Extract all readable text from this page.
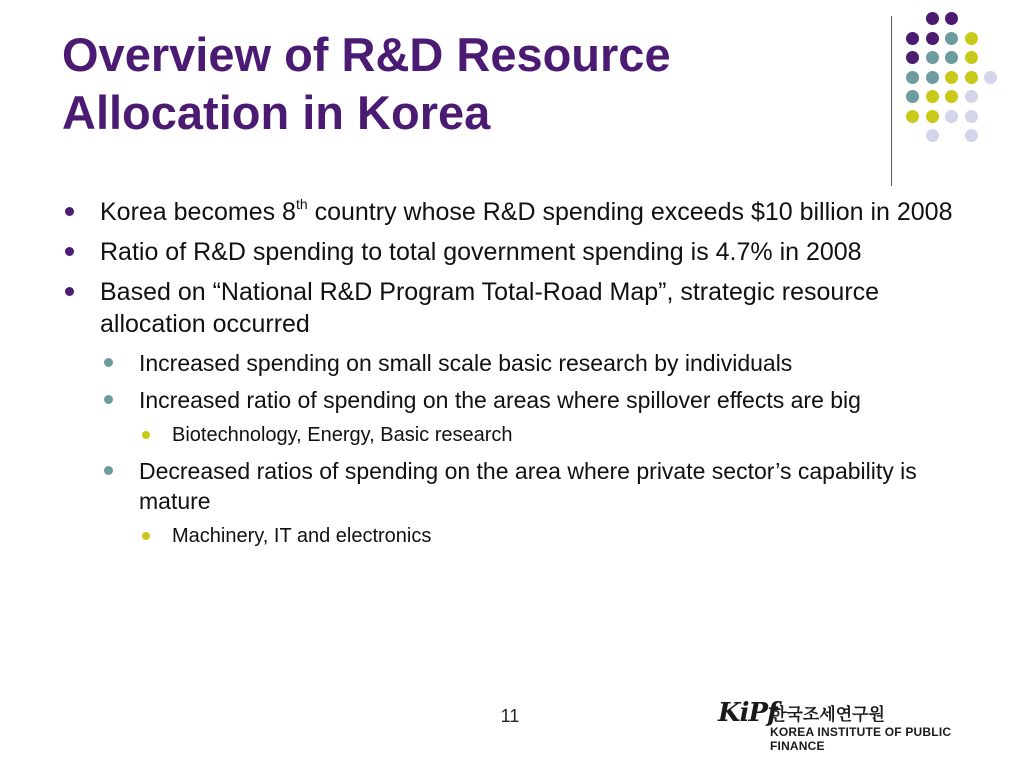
Overview of R&D Resource
Allocation in Korea
Korea becomes 8th country whose R&D spending exceeds $10 billion in 2008
Ratio of R&D spending to total government spending is 4.7% in 2008
Based on “National R&D Program Total-Road Map”, strategic resource allocation occurred
Increased spending on small scale basic research by individuals
Increased ratio of spending on the areas where spillover effects are big
Biotechnology, Energy, Basic research
Decreased ratios of spending on the area where private sector’s capability is mature
Machinery, IT and electronics
11	KiPf
한국조세연구원
KOREA INSTITUTE OF PUBLIC FINANCE
